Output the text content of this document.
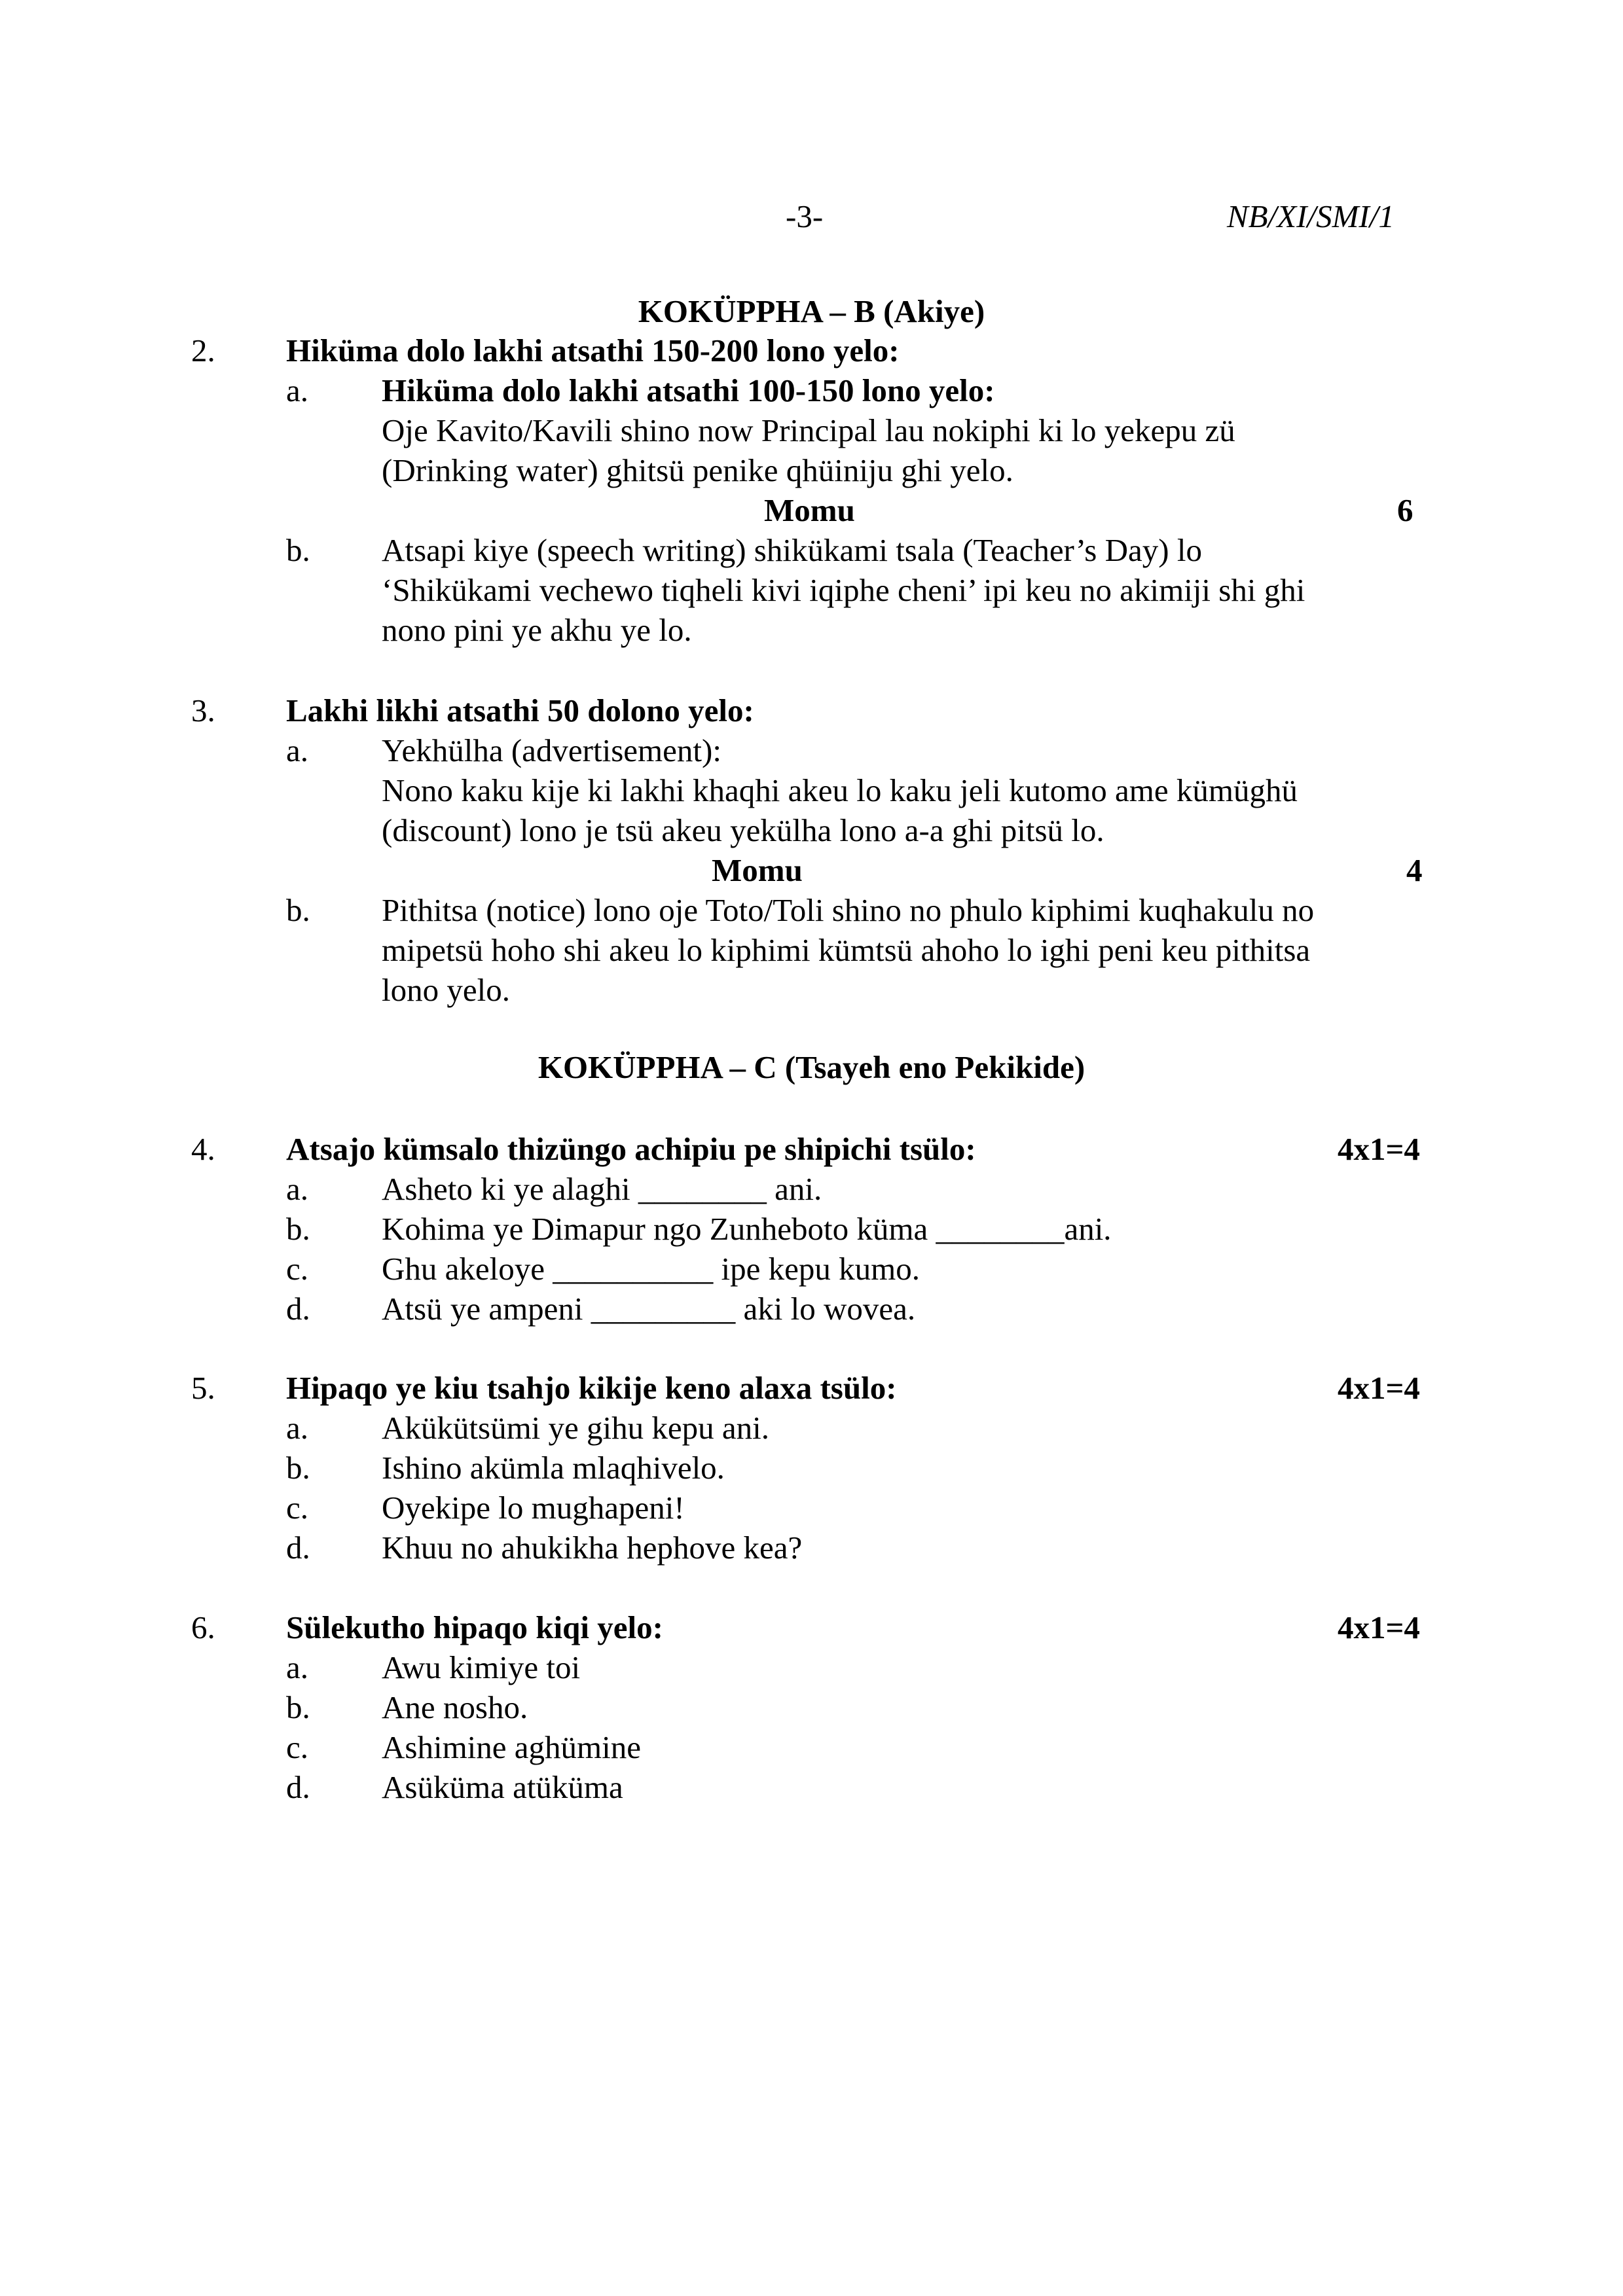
-3-	NB/XI/SMI/1
KOKÜPPHA – B (Akiye)
2. Hiküma dolo lakhi atsathi 150-200 lono yelo:
a. Hiküma dolo lakhi atsathi 100-150 lono yelo:
Oje Kavito/Kavili shino now Principal lau nokiphi ki lo yekepu zü
(Drinking water) ghitsü penike qhüiniju ghi yelo.
Momu	6
b. Atsapi kiye (speech writing) shikükami tsala (Teacher’s Day) lo
‘Shikükami vechewo tiqheli kivi iqiphe cheni’ ipi keu no akimiji shi ghi
nono pini ye akhu ye lo.
3. Lakhi likhi atsathi 50 dolono yelo:
a. Yekhülha (advertisement):
Nono kaku kije ki lakhi khaqhi akeu lo kaku jeli kutomo ame kümüghü
(discount) lono je tsü akeu yekülha lono a-a ghi pitsü lo.
Momu	4
b. Pithitsa (notice) lono oje Toto/Toli shino no phulo kiphimi kuqhakulu no
mipetsü hoho shi akeu lo kiphimi kümtsü ahoho lo ighi peni keu pithitsa
lono yelo.
KOKÜPPHA – C (Tsayeh eno Pekikide)
4. Atsajo kümsalo thizüngo achipiu pe shipichi tsülo:	4x1=4
a. Asheto ki ye alaghi ________ ani.
b. Kohima ye Dimapur ngo Zunheboto küma ________ani.
c. Ghu akeloye __________ ipe kepu kumo.
d. Atsü ye ampeni _________ aki lo wovea.
5. Hipaqo ye kiu tsahjo kikije keno alaxa tsülo:	4x1=4
a. Akükütsümi ye gihu kepu ani.
b. Ishino akümla mlaqhivelo.
c. Oyekipe lo mughapeni!
d. Khuu no ahukikha hephove kea?
6. Sülekutho hipaqo kiqi yelo:	4x1=4
a. Awu kimiye toi
b. Ane nosho.
c. Ashimine aghümine
d. Asüküma atüküma
